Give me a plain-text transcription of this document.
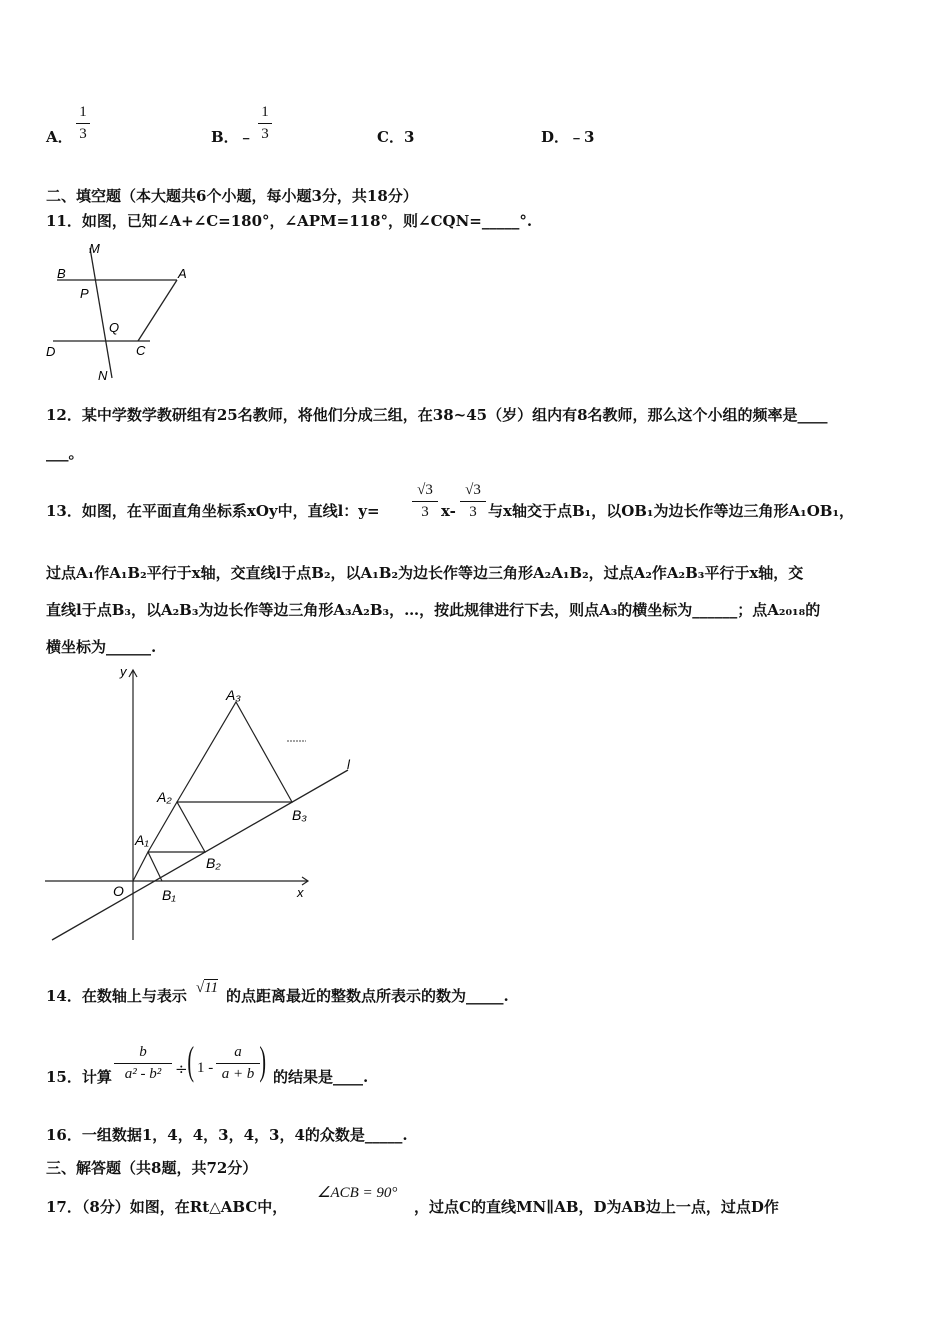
A． $\frac{1}{3}$	B．﹣ $\frac{1}{3}$	C．3	D．﹣3
二、填空题（本大题共6个小题，每小题3分，共18分）
11．如图，已知∠A+∠C=180°，∠APM=118°，则∠CQN=_____°.
M
B	A
P
Q
D	C
N
12．某中学数学教研组有25名教师，将他们分成三组，在38~45（岁）组内有8名教师，那么这个小组的频率是____
___。
13．如图，在平面直角坐标系xOy中，直线l：$y= \frac{√3}{3} x- \frac{√3}{3}$ 与x轴交于点B₁，以OB₁为边长作等边三角形A₁OB₁，
过点A₁作A₁B₂平行于x轴，交直线l于点B₂，以A₁B₂为边长作等边三角形A₂A₁B₂，过点A₂作A₂B₃平行于x轴，交
直线l于点B₃，以A₂B₃为边长作等边三角形A₃A₂B₃，…，按此规律进行下去，则点A₃的横坐标为______；点A₂₀₁₈的
横坐标为______.
y
x
O
l
A₁
A₂
A₃
B₁
B₂
B₃
14．在数轴上与表示 √11 的点距离最近的整数点所表示的数为_____.
15．计算 $\frac{b}{\text{a² - b²}}$ ÷ ( $1 - \frac{a}{a + b}$ ) 的结果是____.
16．一组数据1，4，4，3，4，3，4的众数是_____.
三、解答题（共8题，共72分）
17．（8分）如图，在Rt△ABC中，
∠ACB = 90°
，过点C的直线MN∥AB，D为AB边上一点，过点D作
